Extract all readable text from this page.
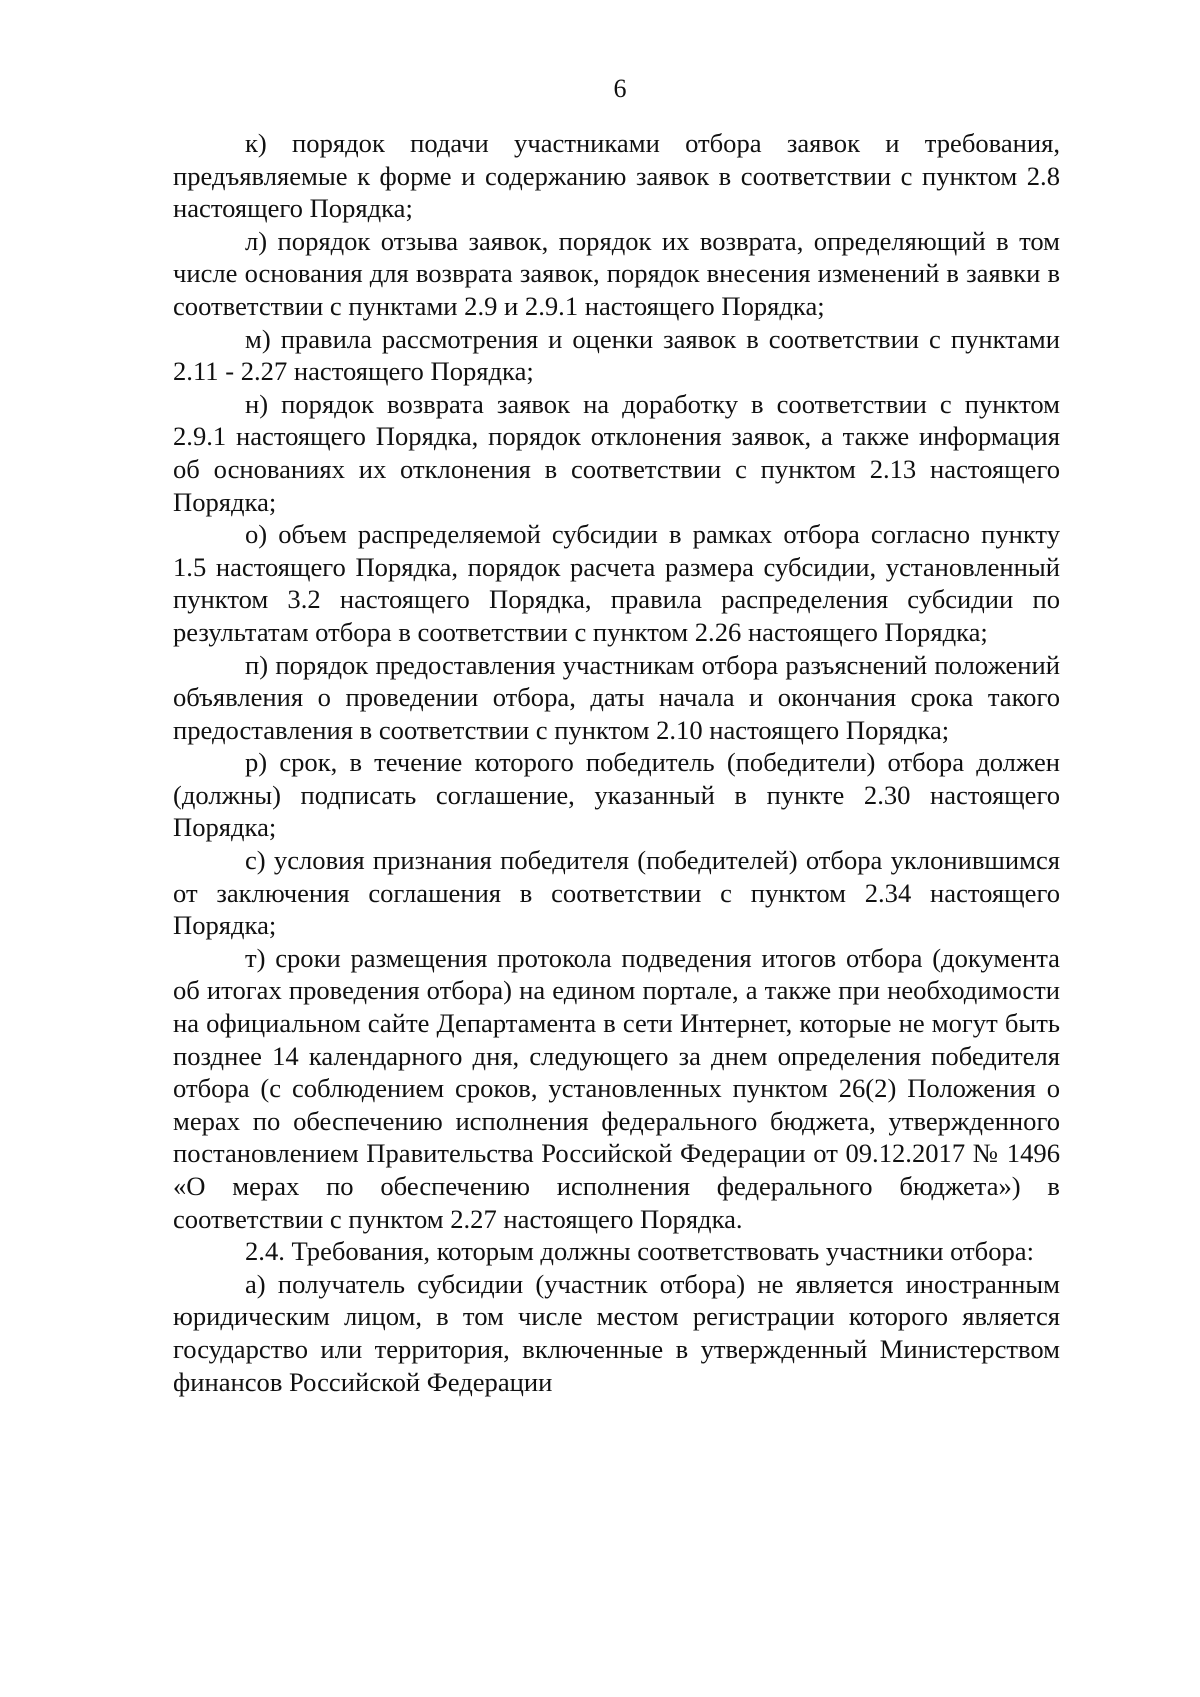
6

к) порядок подачи участниками отбора заявок и требования, предъявляемые к форме и содержанию заявок в соответствии с пунктом 2.8 настоящего Порядка;

л) порядок отзыва заявок, порядок их возврата, определяющий в том числе основания для возврата заявок, порядок внесения изменений в заявки в соответствии с пунктами 2.9 и 2.9.1 настоящего Порядка;

м) правила рассмотрения и оценки заявок в соответствии с пунктами 2.11 - 2.27 настоящего Порядка;

н) порядок возврата заявок на доработку в соответствии с пунктом 2.9.1 настоящего Порядка, порядок отклонения заявок, а также информация об основаниях их отклонения в соответствии с пунктом 2.13 настоящего Порядка;

о) объем распределяемой субсидии в рамках отбора согласно пункту 1.5 настоящего Порядка, порядок расчета размера субсидии, установленный пунктом 3.2 настоящего Порядка, правила распределения субсидии по результатам отбора в соответствии с пунктом 2.26 настоящего Порядка;

п) порядок предоставления участникам отбора разъяснений положений объявления о проведении отбора, даты начала и окончания срока такого предоставления в соответствии с пунктом 2.10 настоящего Порядка;

р) срок, в течение которого победитель (победители) отбора должен (должны) подписать соглашение, указанный в пункте 2.30 настоящего Порядка;

с) условия признания победителя (победителей) отбора уклонившимся от заключения соглашения в соответствии с пунктом 2.34 настоящего Порядка;

т) сроки размещения протокола подведения итогов отбора (документа об итогах проведения отбора) на едином портале, а также при необходимости на официальном сайте Департамента в сети Интернет, которые не могут быть позднее 14 календарного дня, следующего за днем определения победителя отбора (с соблюдением сроков, установленных пунктом 26(2) Положения о мерах по обеспечению исполнения федерального бюджета, утвержденного постановлением Правительства Российской Федерации от 09.12.2017 № 1496 «О мерах по обеспечению исполнения федерального бюджета») в соответствии с пунктом 2.27 настоящего Порядка.

2.4. Требования, которым должны соответствовать участники отбора:

а) получатель субсидии (участник отбора) не является иностранным юридическим лицом, в том числе местом регистрации которого является государство или территория, включенные в утвержденный Министерством финансов Российской Федерации
